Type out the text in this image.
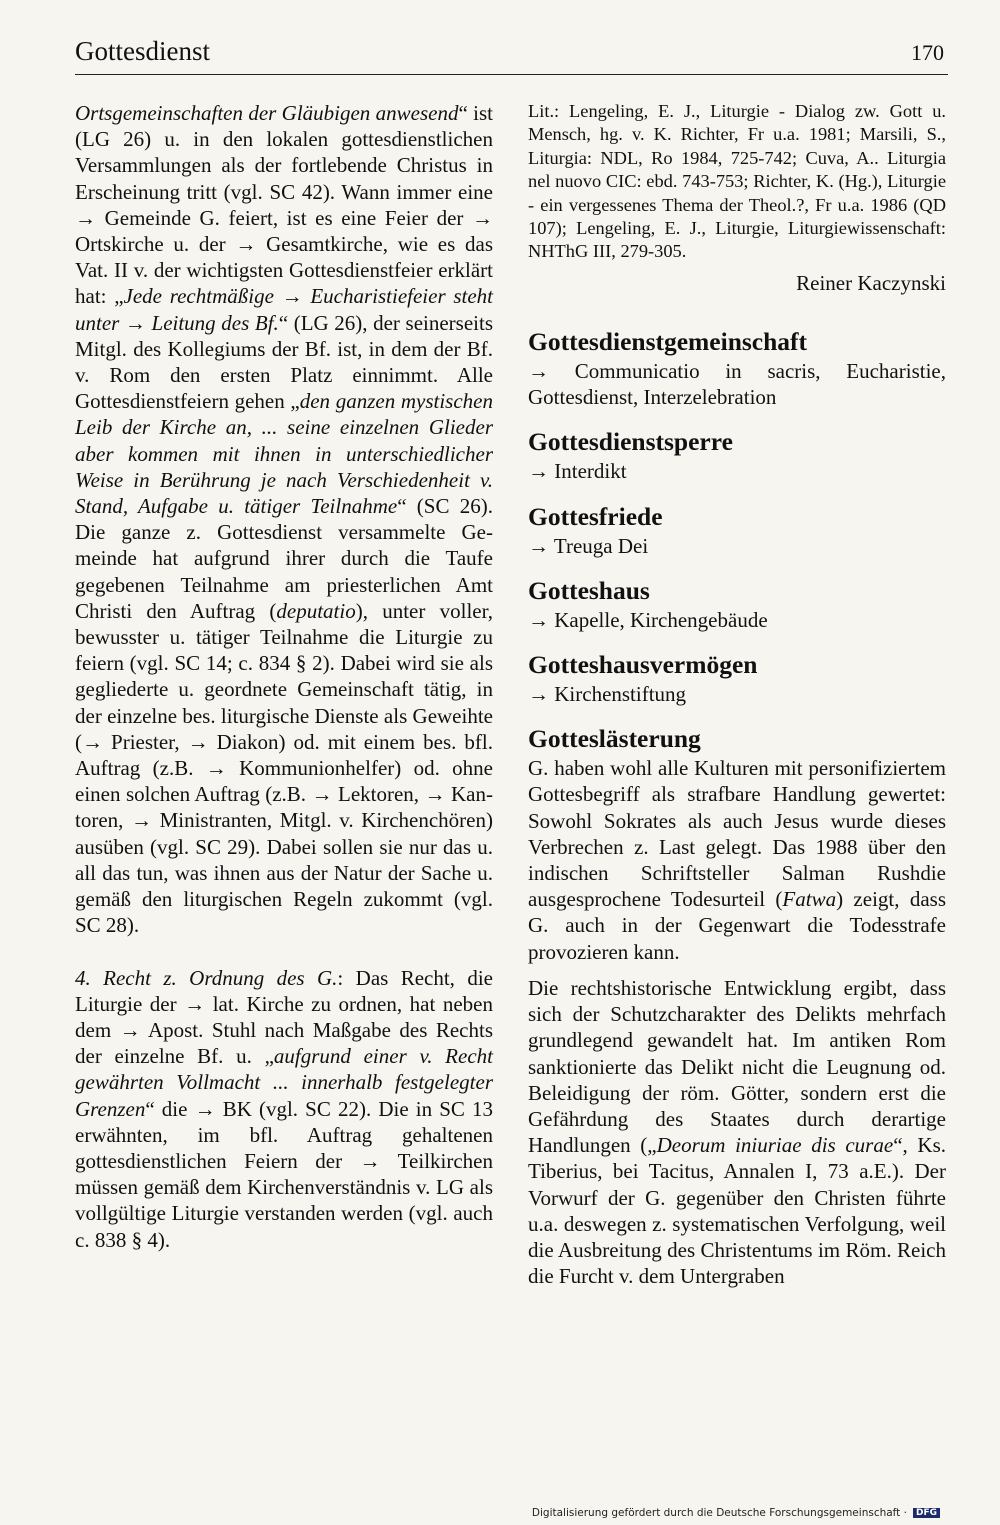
Gottesdienst	170

Ortsgemeinschaften der Gläubigen anwesend“ ist (LG 26) u. in den lokalen gottesdienstlichen Versammlungen als der fortlebende Christus in Erscheinung tritt (vgl. SC 42). Wann immer eine → Gemeinde G. feiert, ist es eine Feier der → Ortskirche u. der → Gesamtkirche, wie es das Vat. II v. der wichtigsten Gottesdienstfeier erklärt hat: „Jede rechtmäßige → Eucharistiefeier steht unter → Leitung des Bf.“ (LG 26), der seinerseits Mitgl. des Kollegiums der Bf. ist, in dem der Bf. v. Rom den ersten Platz einnimmt. Alle Gottesdienstfeiern gehen „den ganzen mystischen Leib der Kirche an, ... seine einzelnen Glieder aber kommen mit ihnen in unterschiedlicher Weise in Berührung je nach Verschiedenheit v. Stand, Aufgabe u. tätiger Teilnahme“ (SC 26). Die ganze z. Gottesdienst versammelte Gemeinde hat aufgrund ihrer durch die Taufe gegebenen Teilnahme am priesterlichen Amt Christi den Auftrag (deputatio), unter voller, bewusster u. tätiger Teilnahme die Liturgie zu feiern (vgl. SC 14; c. 834 § 2). Dabei wird sie als gegliederte u. geordnete Gemeinschaft tätig, in der einzelne bes. liturgische Dienste als Geweihte (→ Priester, → Diakon) od. mit einem bes. bfl. Auftrag (z.B. → Kommunionhelfer) od. ohne einen solchen Auftrag (z.B. → Lektoren, → Kantoren, → Ministranten, Mitgl. v. Kirchenchören) ausüben (vgl. SC 29). Dabei sollen sie nur das u. all das tun, was ihnen aus der Natur der Sache u. gemäß den liturgischen Regeln zukommt (vgl. SC 28).

4. Recht z. Ordnung des G.: Das Recht, die Liturgie der → lat. Kirche zu ordnen, hat neben dem → Apost. Stuhl nach Maßgabe des Rechts der einzelne Bf. u. „aufgrund einer v. Recht gewährten Vollmacht ... innerhalb festgelegter Grenzen“ die → BK (vgl. SC 22). Die in SC 13 erwähnten, im bfl. Auftrag gehaltenen gottesdienstlichen Feiern der → Teilkirchen müssen gemäß dem Kirchenverständnis v. LG als vollgültige Liturgie verstanden werden (vgl. auch c. 838 § 4).

Lit.: Lengeling, E. J., Liturgie - Dialog zw. Gott u. Mensch, hg. v. K. Richter, Fr u.a. 1981; Marsili, S., Liturgia: NDL, Ro 1984, 725-742; Cuva, A.. Liturgia nel nuovo CIC: ebd. 743-753; Richter, K. (Hg.), Liturgie - ein vergessenes Thema der Theol.?, Fr u.a. 1986 (QD 107); Lengeling, E. J., Liturgie, Liturgiewissenschaft: NHThG III, 279-305.

Reiner Kaczynski

Gottesdienstgemeinschaft

→ Communicatio in sacris, Eucharistie, Gottesdienst, Interzelebration

Gottesdienstsperre

→ Interdikt

Gottesfriede

→ Treuga Dei

Gotteshaus

→ Kapelle, Kirchengebäude

Gotteshausvermögen

→ Kirchenstiftung

Gotteslästerung

G. haben wohl alle Kulturen mit personifiziertem Gottesbegriff als strafbare Handlung gewertet: Sowohl Sokrates als auch Jesus wurde dieses Verbrechen z. Last gelegt. Das 1988 über den indischen Schriftsteller Salman Rushdie ausgesprochene Todesurteil (Fatwa) zeigt, dass G. auch in der Gegenwart die Todesstrafe provozieren kann.

Die rechtshistorische Entwicklung ergibt, dass sich der Schutzcharakter des Delikts mehrfach grundlegend gewandelt hat. Im antiken Rom sanktionierte das Delikt nicht die Leugnung od. Beleidigung der röm. Götter, sondern erst die Gefährdung des Staates durch derartige Handlungen („Deorum iniuriae dis curae“, Ks. Tiberius, bei Tacitus, Annalen I, 73 a.E.). Der Vorwurf der G. gegenüber den Christen führte u.a. deswegen z. systematischen Verfolgung, weil die Ausbreitung des Christentums im Röm. Reich die Furcht v. dem Untergraben

Digitalisierung gefördert durch die Deutsche Forschungsgemeinschaft · DFG
